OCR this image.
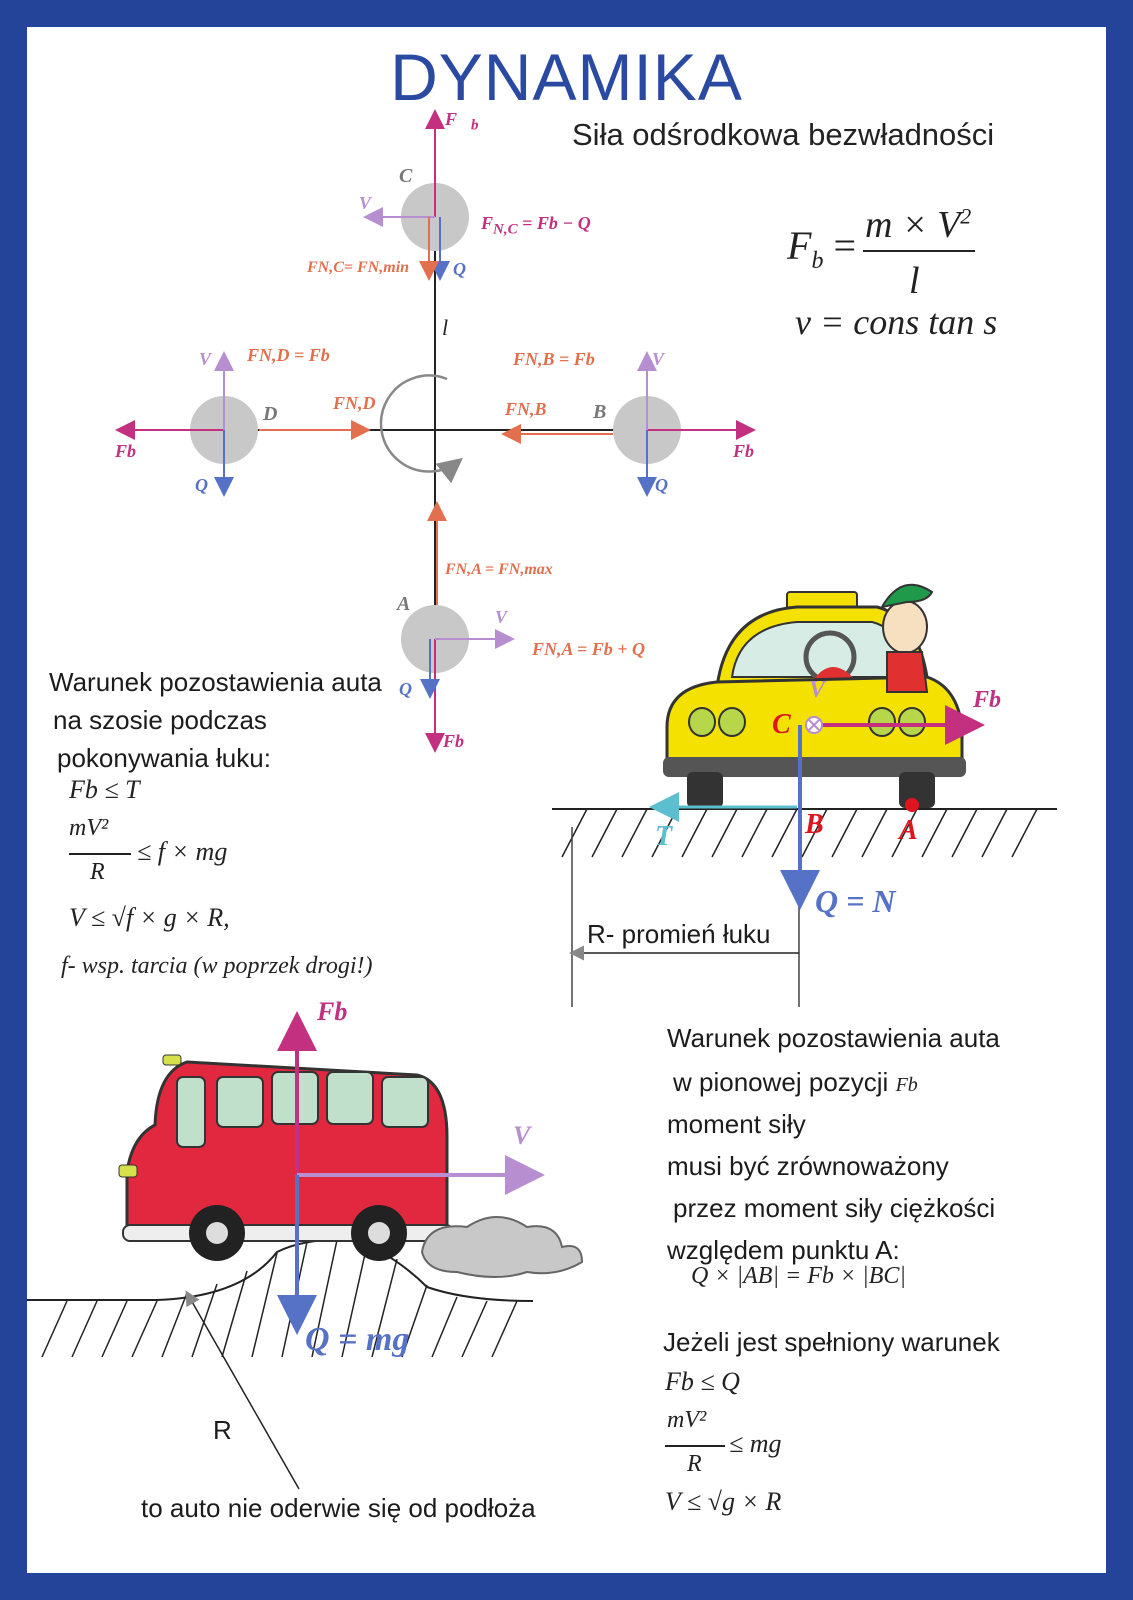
DYNAMIKA
Siła odśrodkowa bezwładności
$F_b = m \times V^2$
l
v = cons tan s
$F⃗_b$
C
V
$F_{N,C} = Fb - Q$
Q
FN,C= FN,min
l
V FN,D = Fb	V
FN,B = Fb
D	FN,D	FN,B B
Fb	Fb
Q	Q
FN,A = FN,max
A
V
FN,A = Fb + Q
Q
Fb
Warunek pozostawienia auta
na szosie podczas
pokonywania łuku:
Fb ≤ T
mV²
R
≤ f × mg
V ≤ √f × g × R,
f- wsp. tarcia (w poprzek drogi!)
V	Fb
C
B	A
T
Q = N
R- promień łuku
Warunek pozostawienia auta
w pionowej pozycji Fb
moment siły
musi być zrównoważony
przez moment siły ciężkości
względem punktu A:
Q × |AB| = Fb × |BC|
Jeżeli jest spełniony warunek
Fb ≤ Q
mV²
R
≤ mg
V ≤ √g × R
Fb
V
Q = mg
R
to auto nie oderwie się od podłoża
